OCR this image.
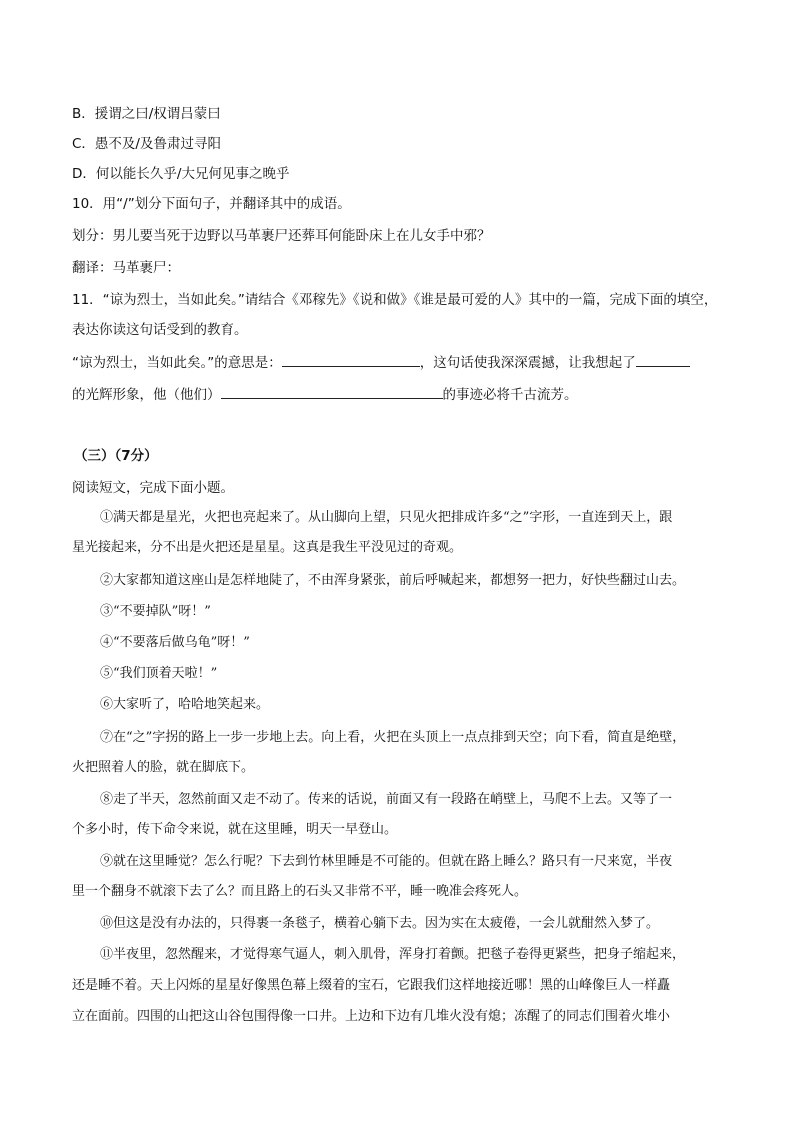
B．援谓之曰/权谓吕蒙曰
C．愚不及/及鲁肃过寻阳
D．何以能长久乎/大兄何见事之晚乎
10．用“/”划分下面句子，并翻译其中的成语。
划分：男儿要当死于边野以马革裹尸还葬耳何能卧床上在儿女手中邪？
翻译：马革裹尸：
11．“谅为烈士，当如此矣。”请结合《邓稼先》《说和做》《谁是最可爱的人》其中的一篇，完成下面的填空，
表达你读这句话受到的教育。
“谅为烈士，当如此矣。”的意思是：	，这句话使我深深震撼，让我想起了
的光辉形象，他（他们）	的事迹必将千古流芳。
（三）（7分）
阅读短文，完成下面小题。
①满天都是星光，火把也亮起来了。从山脚向上望，只见火把排成许多“之”字形，一直连到天上，跟
星光接起来，分不出是火把还是星星。这真是我生平没见过的奇观。
②大家都知道这座山是怎样地陡了，不由浑身紧张，前后呼喊起来，都想努一把力，好快些翻过山去。
③“不要掉队”呀！”
④“不要落后做乌龟”呀！”
⑤“我们顶着天啦！”
⑥大家听了，哈哈地笑起来。
⑦在“之”字拐的路上一步一步地上去。向上看，火把在头顶上一点点排到天空；向下看，简直是绝壁，
火把照着人的脸，就在脚底下。
⑧走了半天，忽然前面又走不动了。传来的话说，前面又有一段路在峭壁上，马爬不上去。又等了一
个多小时，传下命令来说，就在这里睡，明天一早登山。
⑨就在这里睡觉？怎么行呢？下去到竹林里睡是不可能的。但就在路上睡么？路只有一尺来宽，半夜
里一个翻身不就滚下去了么？而且路上的石头又非常不平，睡一晚准会疼死人。
⑩但这是没有办法的，只得裹一条毯子，横着心躺下去。因为实在太疲倦，一会儿就酣然入梦了。
⑪半夜里，忽然醒来，才觉得寒气逼人，刺入肌骨，浑身打着颤。把毯子卷得更紧些，把身子缩起来，
还是睡不着。天上闪烁的星星好像黑色幕上缀着的宝石，它跟我们这样地接近哪！黑的山峰像巨人一样矗
立在面前。四围的山把这山谷包围得像一口井。上边和下边有几堆火没有熄；冻醒了的同志们围着火堆小
